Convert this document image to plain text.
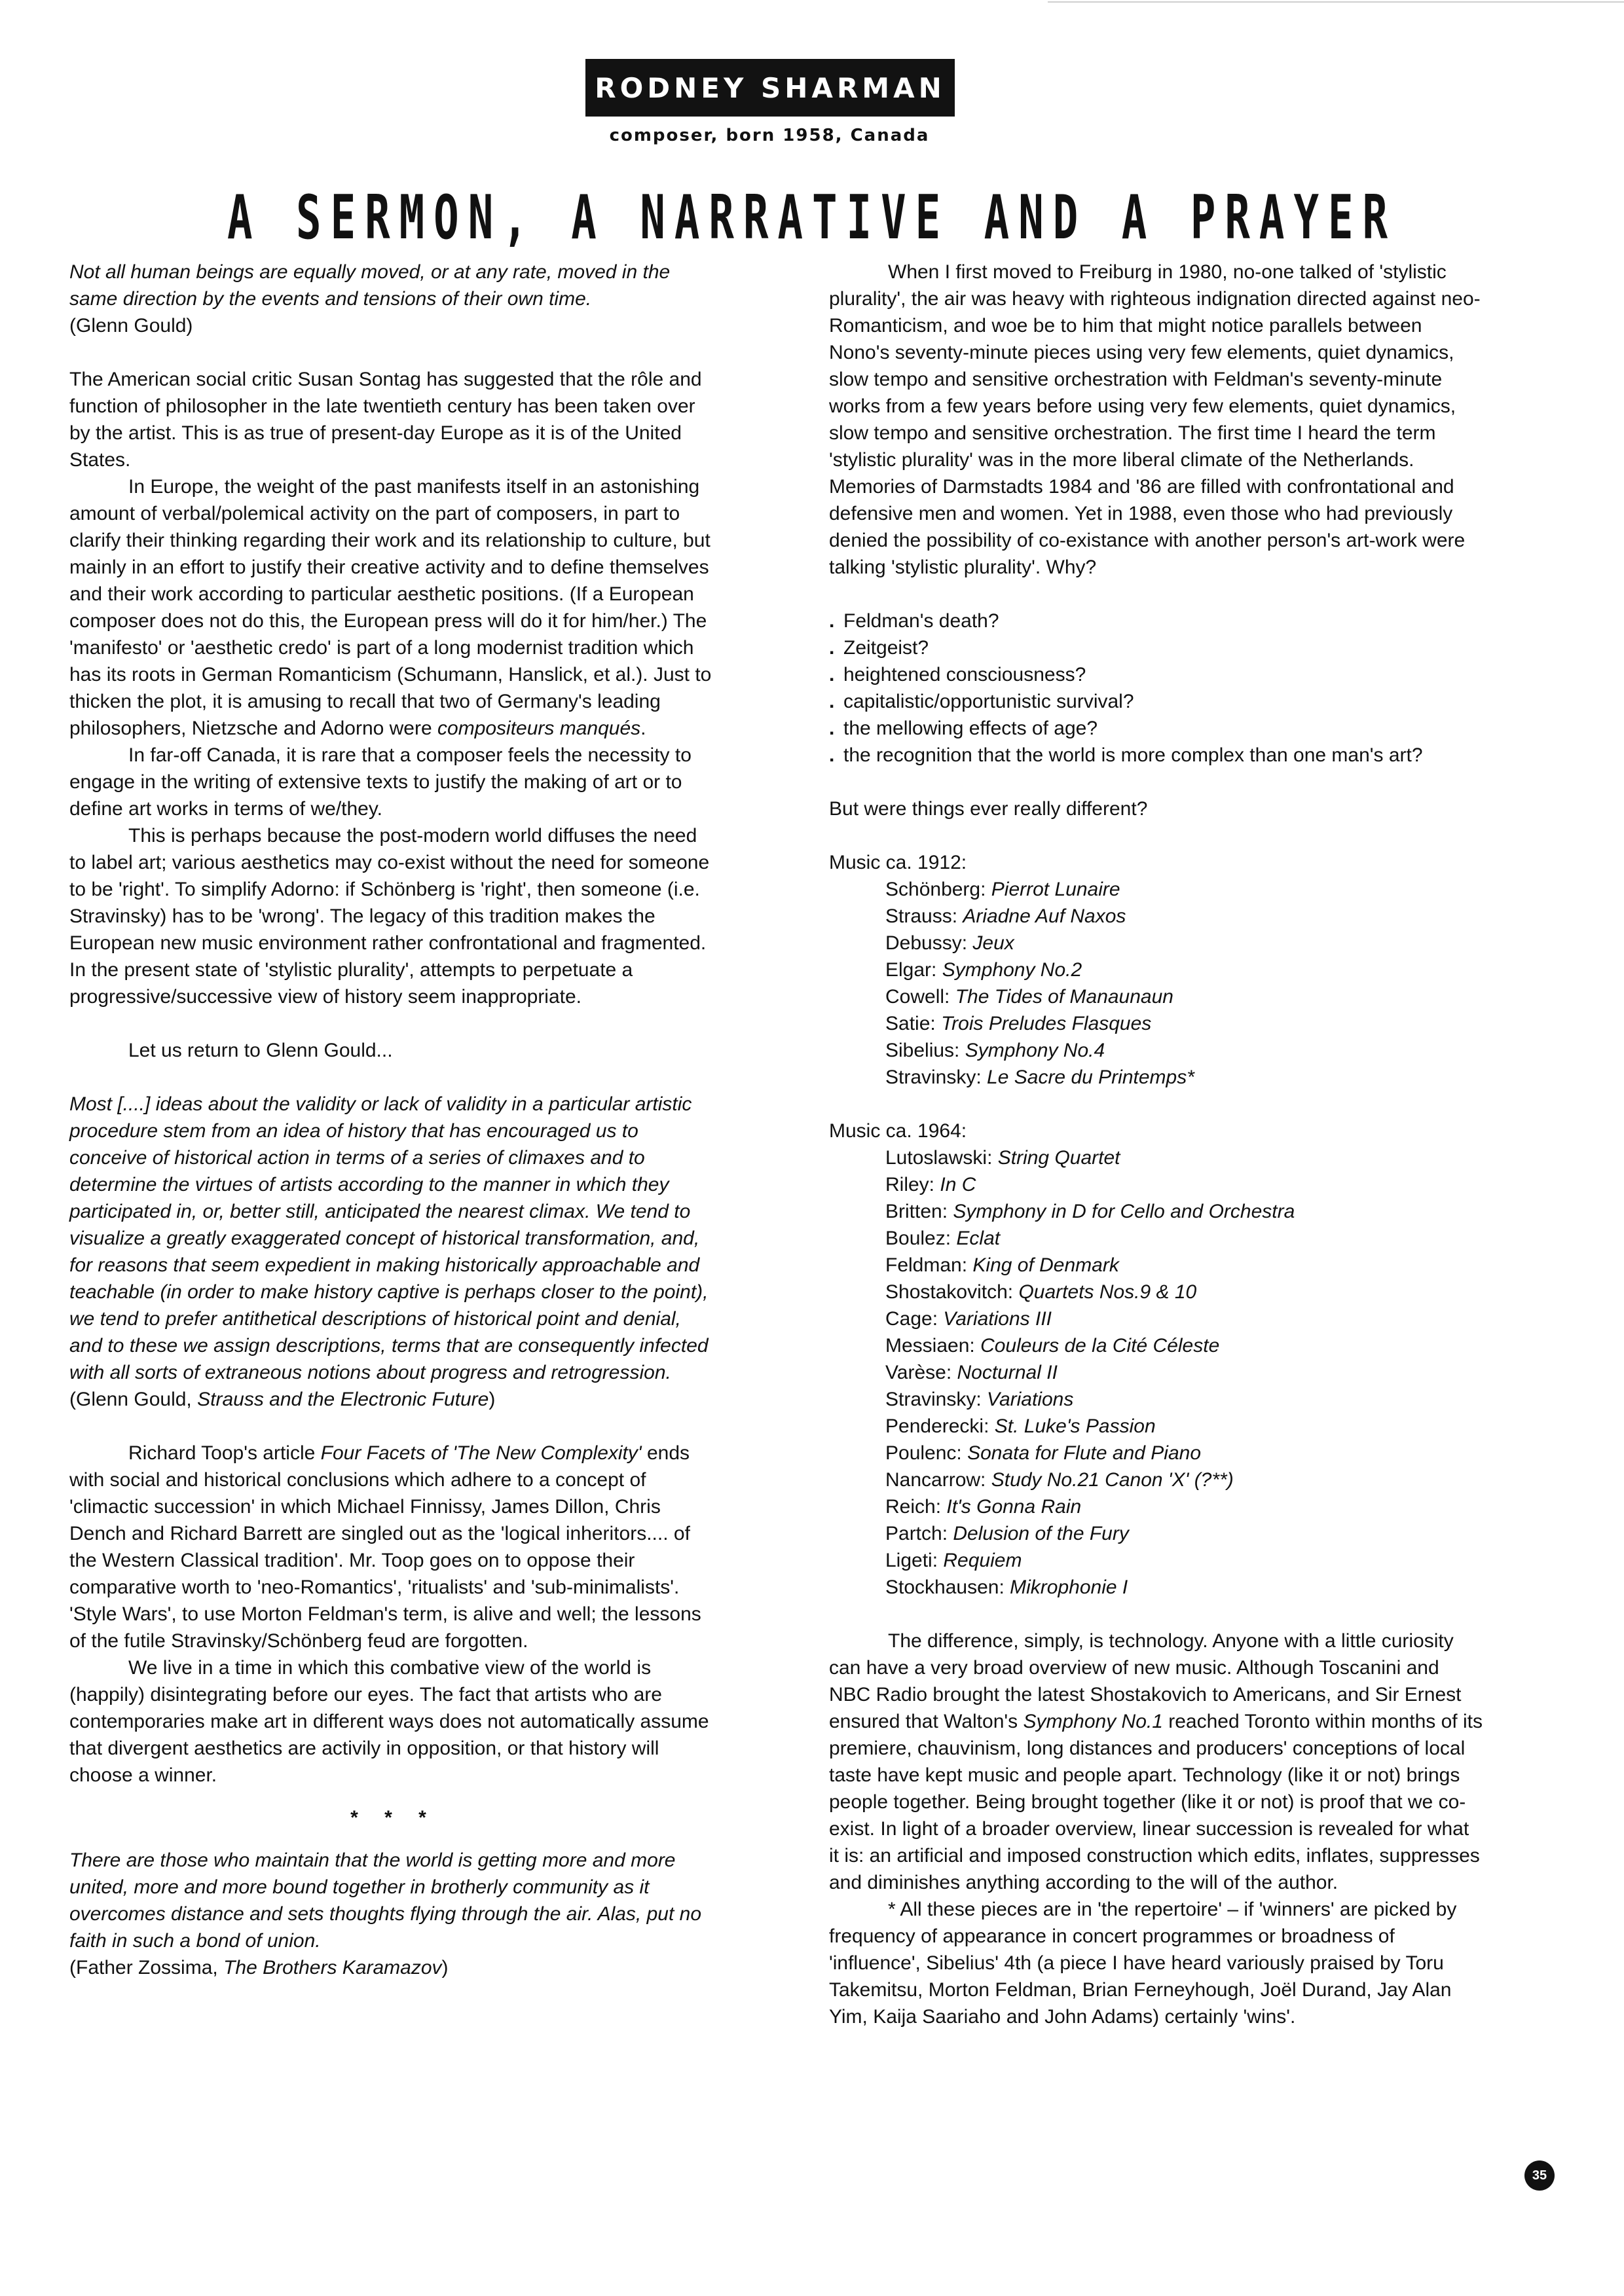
RODNEY SHARMAN
composer, born 1958, Canada
A SERMON, A NARRATIVE AND A PRAYER

Not all human beings are equally moved, or at any rate, moved in the same direction by the events and tensions of their own time.

(Glenn Gould)

The American social critic Susan Sontag has suggested that the rôle and function of philosopher in the late twentieth century has been taken over by the artist. This is as true of present-day Europe as it is of the United States.

In Europe, the weight of the past manifests itself in an astonishing amount of verbal/polemical activity on the part of composers, in part to clarify their thinking regarding their work and its relationship to culture, but mainly in an effort to justify their creative activity and to define themselves and their work according to particular aesthetic positions. (If a European composer does not do this, the European press will do it for him/her.) The 'manifesto' or 'aesthetic credo' is part of a long modernist tradition which has its roots in German Romanticism (Schumann, Hanslick, et al.). Just to thicken the plot, it is amusing to recall that two of Germany's leading philosophers, Nietzsche and Adorno were compositeurs manqués.

In far-off Canada, it is rare that a composer feels the necessity to engage in the writing of extensive texts to justify the making of art or to define art works in terms of we/they.

This is perhaps because the post-modern world diffuses the need to label art; various aesthetics may co-exist without the need for someone to be 'right'. To simplify Adorno: if Schönberg is 'right', then someone (i.e. Stravinsky) has to be 'wrong'. The legacy of this tradition makes the European new music environment rather confrontational and fragmented. In the present state of 'stylistic plurality', attempts to perpetuate a progressive/successive view of history seem inappropriate.

Let us return to Glenn Gould...

Most [....] ideas about the validity or lack of validity in a particular artistic procedure stem from an idea of history that has encouraged us to conceive of historical action in terms of a series of climaxes and to determine the virtues of artists according to the manner in which they participated in, or, better still, anticipated the nearest climax. We tend to visualize a greatly exaggerated concept of historical transformation, and, for reasons that seem expedient in making historically approachable and teachable (in order to make history captive is perhaps closer to the point), we tend to prefer antithetical descriptions of historical point and denial, and to these we assign descriptions, terms that are consequently infected with all sorts of extraneous notions about progress and retrogression.

(Glenn Gould, Strauss and the Electronic Future)

Richard Toop's article Four Facets of 'The New Complexity' ends with social and historical conclusions which adhere to a concept of 'climactic succession' in which Michael Finnissy, James Dillon, Chris Dench and Richard Barrett are singled out as the 'logical inheritors.... of the Western Classical tradition'. Mr. Toop goes on to oppose their comparative worth to 'neo-Romantics', 'ritualists' and 'sub-minimalists'. 'Style Wars', to use Morton Feldman's term, is alive and well; the lessons of the futile Stravinsky/Schönberg feud are forgotten.

We live in a time in which this combative view of the world is (happily) disintegrating before our eyes. The fact that artists who are contemporaries make art in different ways does not automatically assume that divergent aesthetics are activily in opposition, or that history will choose a winner.

* * *

There are those who maintain that the world is getting more and more united, more and more bound together in brotherly community as it overcomes distance and sets thoughts flying through the air. Alas, put no faith in such a bond of union.

(Father Zossima, The Brothers Karamazov)

When I first moved to Freiburg in 1980, no-one talked of 'stylistic plurality', the air was heavy with righteous indignation directed against neo-Romanticism, and woe be to him that might notice parallels between Nono's seventy-minute pieces using very few elements, quiet dynamics, slow tempo and sensitive orchestration with Feldman's seventy-minute works from a few years before using very few elements, quiet dynamics, slow tempo and sensitive orchestration. The first time I heard the term 'stylistic plurality' was in the more liberal climate of the Netherlands. Memories of Darmstadts 1984 and '86 are filled with confrontational and defensive men and women. Yet in 1988, even those who had previously denied the possibility of co-existance with another person's art-work were talking 'stylistic plurality'. Why?

. Feldman's death?
. Zeitgeist?
. heightened consciousness?
. capitalistic/opportunistic survival?
. the mellowing effects of age?
. the recognition that the world is more complex than one man's art?

But were things ever really different?

Music ca. 1912:

Schönberg: Pierrot Lunaire
Strauss: Ariadne Auf Naxos
Debussy: Jeux
Elgar: Symphony No.2
Cowell: The Tides of Manaunaun
Satie: Trois Preludes Flasques
Sibelius: Symphony No.4
Stravinsky: Le Sacre du Printemps*

Music ca. 1964:

Lutoslawski: String Quartet
Riley: In C
Britten: Symphony in D for Cello and Orchestra
Boulez: Eclat
Feldman: King of Denmark
Shostakovitch: Quartets Nos.9 & 10
Cage: Variations III
Messiaen: Couleurs de la Cité Céleste
Varèse: Nocturnal II
Stravinsky: Variations
Penderecki: St. Luke's Passion
Poulenc: Sonata for Flute and Piano
Nancarrow: Study No.21 Canon 'X' (?**)
Reich: It's Gonna Rain
Partch: Delusion of the Fury
Ligeti: Requiem
Stockhausen: Mikrophonie I

The difference, simply, is technology. Anyone with a little curiosity can have a very broad overview of new music. Although Toscanini and NBC Radio brought the latest Shostakovich to Americans, and Sir Ernest ensured that Walton's Symphony No.1 reached Toronto within months of its premiere, chauvinism, long distances and producers' conceptions of local taste have kept music and people apart. Technology (like it or not) brings people together. Being brought together (like it or not) is proof that we co-exist. In light of a broader overview, linear succession is revealed for what it is: an artificial and imposed construction which edits, inflates, suppresses and diminishes anything according to the will of the author.

* All these pieces are in 'the repertoire' – if 'winners' are picked by frequency of appearance in concert programmes or broadness of 'influence', Sibelius' 4th (a piece I have heard variously praised by Toru Takemitsu, Morton Feldman, Brian Ferneyhough, Joël Durand, Jay Alan Yim, Kaija Saariaho and John Adams) certainly 'wins'.

35
